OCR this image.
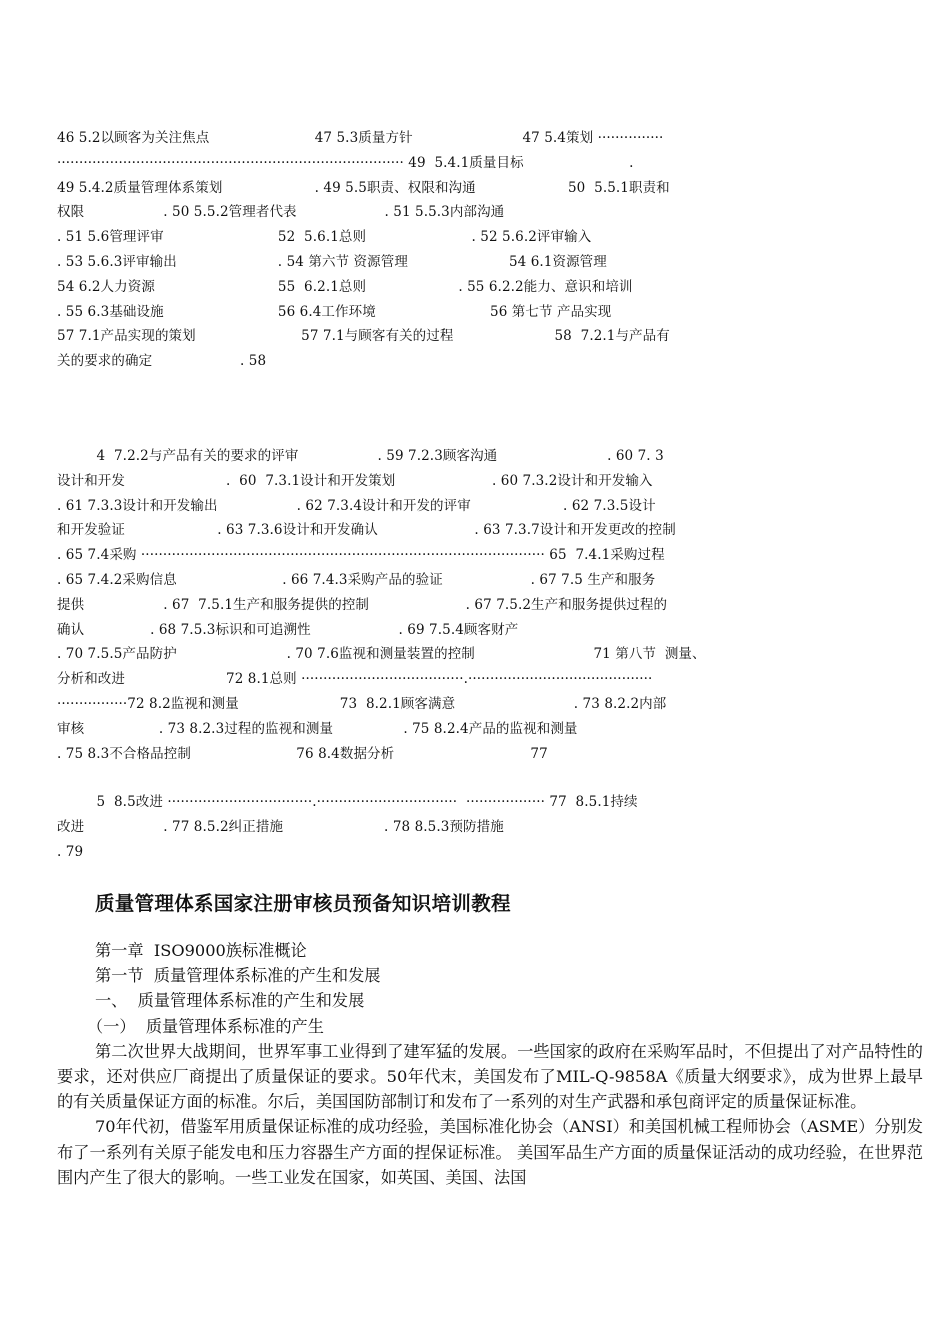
46 5.2以顾客为关注焦点                        47 5.3质量方针                         47 5.4策划 ···············
··············································································· 49  5.4.1质量目标                        .
49 5.4.2质量管理体系策划                     . 49 5.5职责、权限和沟通                     50  5.5.1职责和
权限                  . 50 5.5.2管理者代表                    . 51 5.5.3内部沟通
. 51 5.6管理评审                          52  5.6.1总则                        . 52 5.6.2评审输入
. 53 5.6.3评审输出                       . 54 第六节 资源管理                       54 6.1资源管理
54 6.2人力资源                            55  6.2.1总则                     . 55 6.2.2能力、意识和培训
. 55 6.3基础设施                          56 6.4工作环境                          56 第七节 产品实现
57 7.1产品实现的策划                        57 7.1与顾客有关的过程                       58  7.2.1与产品有
关的要求的确定                    . 58
4  7.2.2与产品有关的要求的评审                  . 59 7.2.3顾客沟通                         . 60 7. 3
设计和开发                       .  60  7.3.1设计和开发策划                      . 60 7.3.2设计和开发输入
. 61 7.3.3设计和开发输出                  . 62 7.3.4设计和开发的评审                     . 62 7.3.5设计
和开发验证                     . 63 7.3.6设计和开发确认                      . 63 7.3.7设计和开发更改的控制
. 65 7.4采购 ···························································································· 65  7.4.1采购过程
. 65 7.4.2采购信息                        . 66 7.4.3采购产品的验证                    . 67 7.5 生产和服务
提供                  . 67  7.5.1生产和服务提供的控制                      . 67 7.5.2生产和服务提供过程的
确认               . 68 7.5.3标识和可追溯性                    . 69 7.5.4顾客财产
. 70 7.5.5产品防护                         . 70 7.6监视和测量装置的控制                           71 第八节  测量、
分析和改进                       72 8.1总则 ·····································.··········································
················72 8.2监视和测量                       73  8.2.1顾客满意                           . 73 8.2.2内部
审核                 . 73 8.2.3过程的监视和测量                . 75 8.2.4产品的监视和测量
. 75 8.3不合格品控制                        76 8.4数据分析                               77
5  8.5改进 ·································.································  ·················· 77  8.5.1持续
改进                  . 77 8.5.2纠正措施                       . 78 8.5.3预防措施
. 79
质量管理体系国家注册审核员预备知识培训教程
第一章  ISO9000族标准概论
第一节  质量管理体系标准的产生和发展
一、  质量管理体系标准的产生和发展
（一）  质量管理体系标准的产生

第二次世界大战期间，世界军事工业得到了建军猛的发展。一些国家的政府在采购军品时，不但提出了对产品特性的要求，还对供应厂商提出了质量保证的要求。50年代末，美国发布了MIL-Q-9858A《质量大纲要求》，成为世界上最早的有关质量保证方面的标准。尔后，美国国防部制订和发布了一系列的对生产武器和承包商评定的质量保证标准。

70年代初，借鉴军用质量保证标准的成功经验，美国标准化协会（ANSI）和美国机械工程师协会（ASME）分别发布了一系列有关原子能发电和压力容器生产方面的捏保证标准。 美国军品生产方面的质量保证活动的成功经验，在世界范围内产生了很大的影响。一些工业发在国家，如英国、美国、法国
